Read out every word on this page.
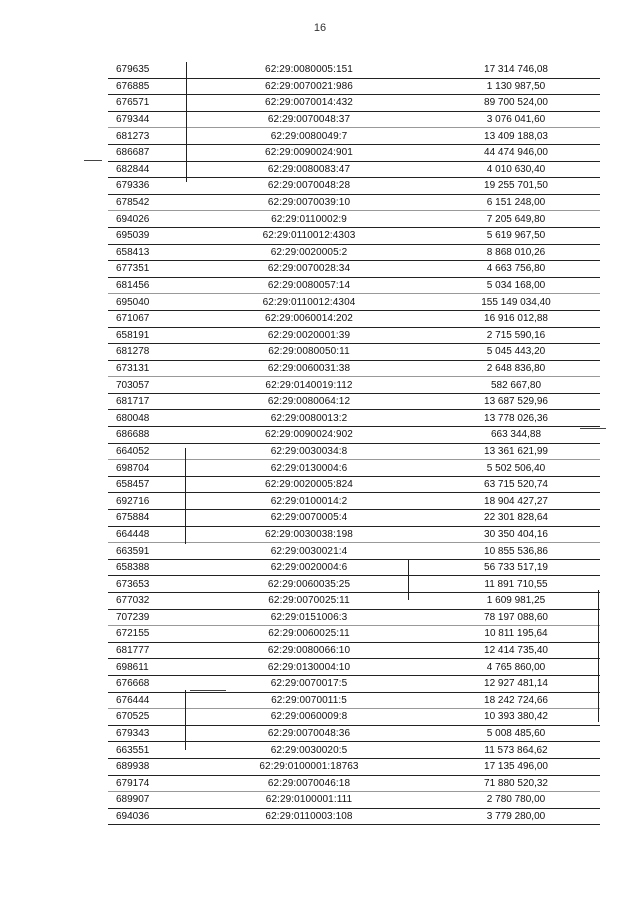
16
679635	62:29:0080005:151	17 314 746,08
676885	62:29:0070021:986	1 130 987,50
676571	62:29:0070014:432	89 700 524,00
679344	62:29:0070048:37	3 076 041,60
681273	62:29:0080049:7	13 409 188,03
686687	62:29:0090024:901	44 474 946,00
682844	62:29:0080083:47	4 010 630,40
679336	62:29:0070048:28	19 255 701,50
678542	62:29:0070039:10	6 151 248,00
694026	62:29:0110002:9	7 205 649,80
695039	62:29:0110012:4303	5 619 967,50
658413	62:29:0020005:2	8 868 010,26
677351	62:29:0070028:34	4 663 756,80
681456	62:29:0080057:14	5 034 168,00
695040	62:29:0110012:4304	155 149 034,40
671067	62:29:0060014:202	16 916 012,88
658191	62:29:0020001:39	2 715 590,16
681278	62:29:0080050:11	5 045 443,20
673131	62:29:0060031:38	2 648 836,80
703057	62:29:0140019:112	582 667,80
681717	62:29:0080064:12	13 687 529,96
680048	62:29:0080013:2	13 778 026,36
686688	62:29:0090024:902	663 344,88
664052	62:29:0030034:8	13 361 621,99
698704	62:29:0130004:6	5 502 506,40
658457	62:29:0020005:824	63 715 520,74
692716	62:29:0100014:2	18 904 427,27
675884	62:29:0070005:4	22 301 828,64
664448	62:29:0030038:198	30 350 404,16
663591	62:29:0030021:4	10 855 536,86
658388	62:29:0020004:6	56 733 517,19
673653	62:29:0060035:25	11 891 710,55
677032	62:29:0070025:11	1 609 981,25
707239	62:29:0151006:3	78 197 088,60
672155	62:29:0060025:11	10 811 195,64
681777	62:29:0080066:10	12 414 735,40
698611	62:29:0130004:10	4 765 860,00
676668	62:29:0070017:5	12 927 481,14
676444	62:29:0070011:5	18 242 724,66
670525	62:29:0060009:8	10 393 380,42
679343	62:29:0070048:36	5 008 485,60
663551	62:29:0030020:5	11 573 864,62
689938	62:29:0100001:18763	17 135 496,00
679174	62:29:0070046:18	71 880 520,32
689907	62:29:0100001:111	2 780 780,00
694036	62:29:0110003:108	3 779 280,00
